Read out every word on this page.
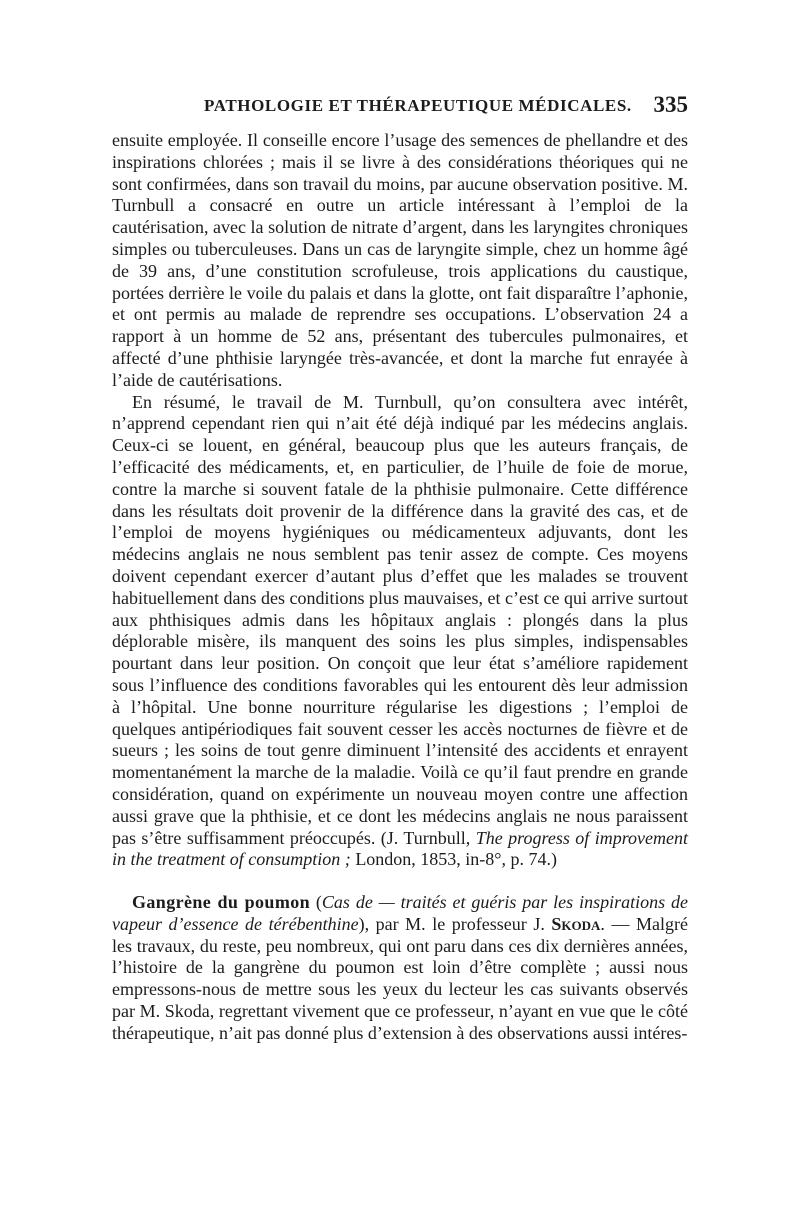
PATHOLOGIE ET THÉRAPEUTIQUE MÉDICALES. 335

ensuite employée. Il conseille encore l’usage des semences de phellandre et des inspirations chlorées ; mais il se livre à des considérations théoriques qui ne sont confirmées, dans son travail du moins, par aucune observation positive. M. Turnbull a consacré en outre un article intéressant à l’emploi de la cautérisation, avec la solution de nitrate d’argent, dans les laryngites chroniques simples ou tuberculeuses. Dans un cas de laryngite simple, chez un homme âgé de 39 ans, d’une constitution scrofuleuse, trois applications du caustique, portées derrière le voile du palais et dans la glotte, ont fait disparaître l’aphonie, et ont permis au malade de reprendre ses occupations. L’observation 24 a rapport à un homme de 52 ans, présentant des tubercules pulmonaires, et affecté d’une phthisie laryngée très-avancée, et dont la marche fut enrayée à l’aide de cautérisations.

En résumé, le travail de M. Turnbull, qu’on consultera avec intérêt, n’apprend cependant rien qui n’ait été déjà indiqué par les médecins anglais. Ceux-ci se louent, en général, beaucoup plus que les auteurs français, de l’efficacité des médicaments, et, en particulier, de l’huile de foie de morue, contre la marche si souvent fatale de la phthisie pulmonaire. Cette différence dans les résultats doit provenir de la différence dans la gravité des cas, et de l’emploi de moyens hygiéniques ou médicamenteux adjuvants, dont les médecins anglais ne nous semblent pas tenir assez de compte. Ces moyens doivent cependant exercer d’autant plus d’effet que les malades se trouvent habituellement dans des conditions plus mauvaises, et c’est ce qui arrive surtout aux phthisiques admis dans les hôpitaux anglais : plongés dans la plus déplorable misère, ils manquent des soins les plus simples, indispensables pourtant dans leur position. On conçoit que leur état s’améliore rapidement sous l’influence des conditions favorables qui les entourent dès leur admission à l’hôpital. Une bonne nourriture régularise les digestions ; l’emploi de quelques antipériodiques fait souvent cesser les accès nocturnes de fièvre et de sueurs ; les soins de tout genre diminuent l’intensité des accidents et enrayent momentanément la marche de la maladie. Voilà ce qu’il faut prendre en grande considération, quand on expérimente un nouveau moyen contre une affection aussi grave que la phthisie, et ce dont les médecins anglais ne nous paraissent pas s’être suffisamment préoccupés. (J. Turnbull, The progress of improvement in the treatment of consumption ; London, 1853, in-8°, p. 74.)

Gangrène du poumon (Cas de — traités et guéris par les inspirations de vapeur d’essence de térébenthine), par M. le professeur J. Skoda. — Malgré les travaux, du reste, peu nombreux, qui ont paru dans ces dix dernières années, l’histoire de la gangrène du poumon est loin d’être complète ; aussi nous empressons-nous de mettre sous les yeux du lecteur les cas suivants observés par M. Skoda, regrettant vivement que ce professeur, n’ayant en vue que le côté thérapeutique, n’ait pas donné plus d’extension à des observations aussi intéres-
